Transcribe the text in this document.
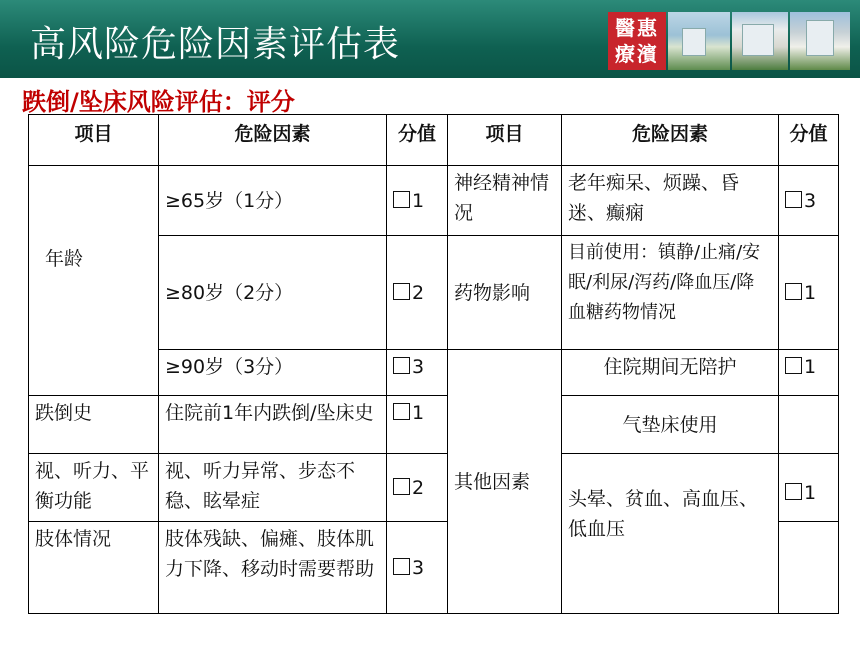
高风险危险因素评估表	醫惠療濱
跌倒/坠床风险评估：评分
项目	危险因素	分值	项目	危险因素	分值
年龄	≥65岁（1分）	1	神经精神情况	老年痴呆、烦躁、昏迷、癫痫	3
	≥80岁（2分）	2	药物影响	目前使用：镇静/止痛/安眠/利尿/泻药/降血压/降血糖药物情况	1
	≥90岁（3分）	3	其他因素	住院期间无陪护	1
跌倒史	住院前1年内跌倒/坠床史	1		气垫床使用	
视、听力、平衡功能	视、听力异常、步态不稳、眩晕症	2		头晕、贫血、高血压、低血压	1
肢体情况	肢体残缺、偏瘫、肢体肌力下降、移动时需要帮助	3			
